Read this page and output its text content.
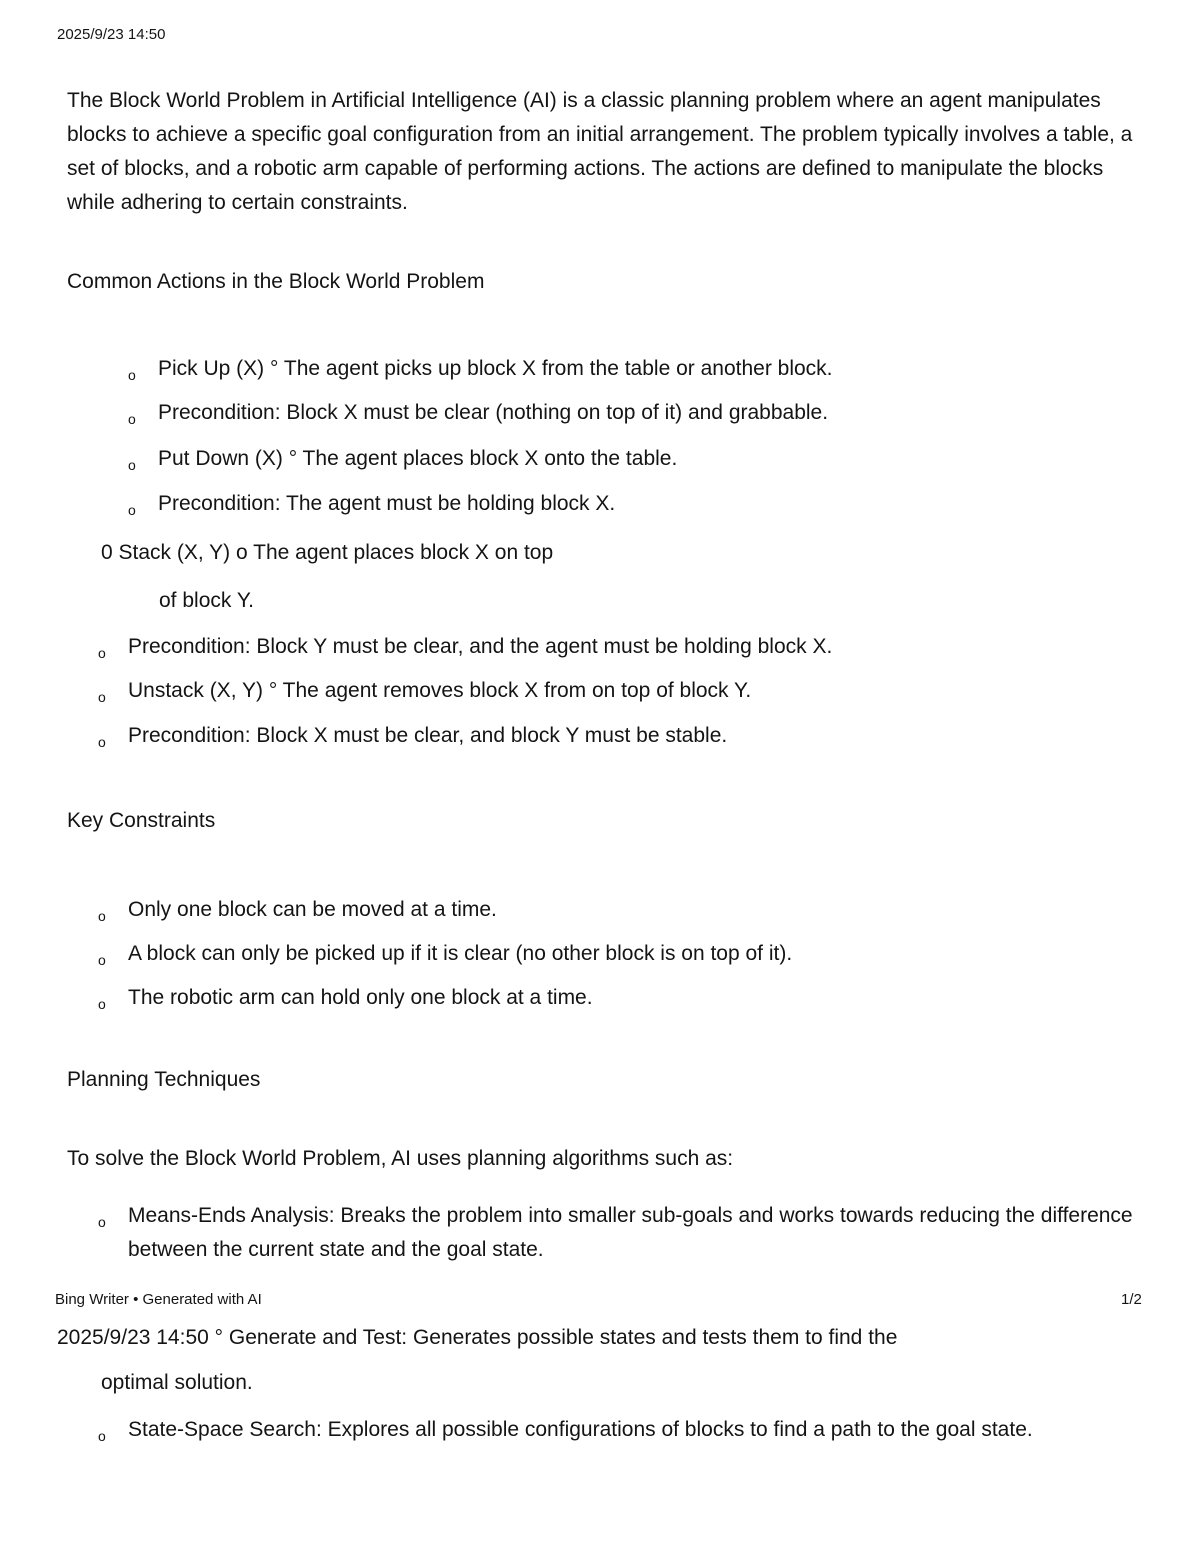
2025/9/23 14:50
The Block World Problem in Artificial Intelligence (AI) is a classic planning problem where an agent manipulates blocks to achieve a specific goal configuration from an initial arrangement. The problem typically involves a table, a set of blocks, and a robotic arm capable of performing actions. The actions are defined to manipulate the blocks while adhering to certain constraints.
Common Actions in the Block World Problem
o Pick Up (X) ° The agent picks up block X from the table or another block.
o Precondition: Block X must be clear (nothing on top of it) and grabbable.
o Put Down (X) ° The agent places block X onto the table.
o Precondition: The agent must be holding block X.
0 Stack (X, Y) o The agent places block X on top
of block Y.
o Precondition: Block Y must be clear, and the agent must be holding block X.
o Unstack (X, Y) ° The agent removes block X from on top of block Y.
o Precondition: Block X must be clear, and block Y must be stable.
Key Constraints
o Only one block can be moved at a time.
o A block can only be picked up if it is clear (no other block is on top of it).
o The robotic arm can hold only one block at a time.
Planning Techniques
To solve the Block World Problem, AI uses planning algorithms such as:
o Means-Ends Analysis: Breaks the problem into smaller sub-goals and works towards reducing the difference between the current state and the goal state.
Bing Writer • Generated with AI	1/2
2025/9/23 14:50 ° Generate and Test: Generates possible states and tests them to find the
optimal solution.
o State-Space Search: Explores all possible configurations of blocks to find a path to the goal state.
